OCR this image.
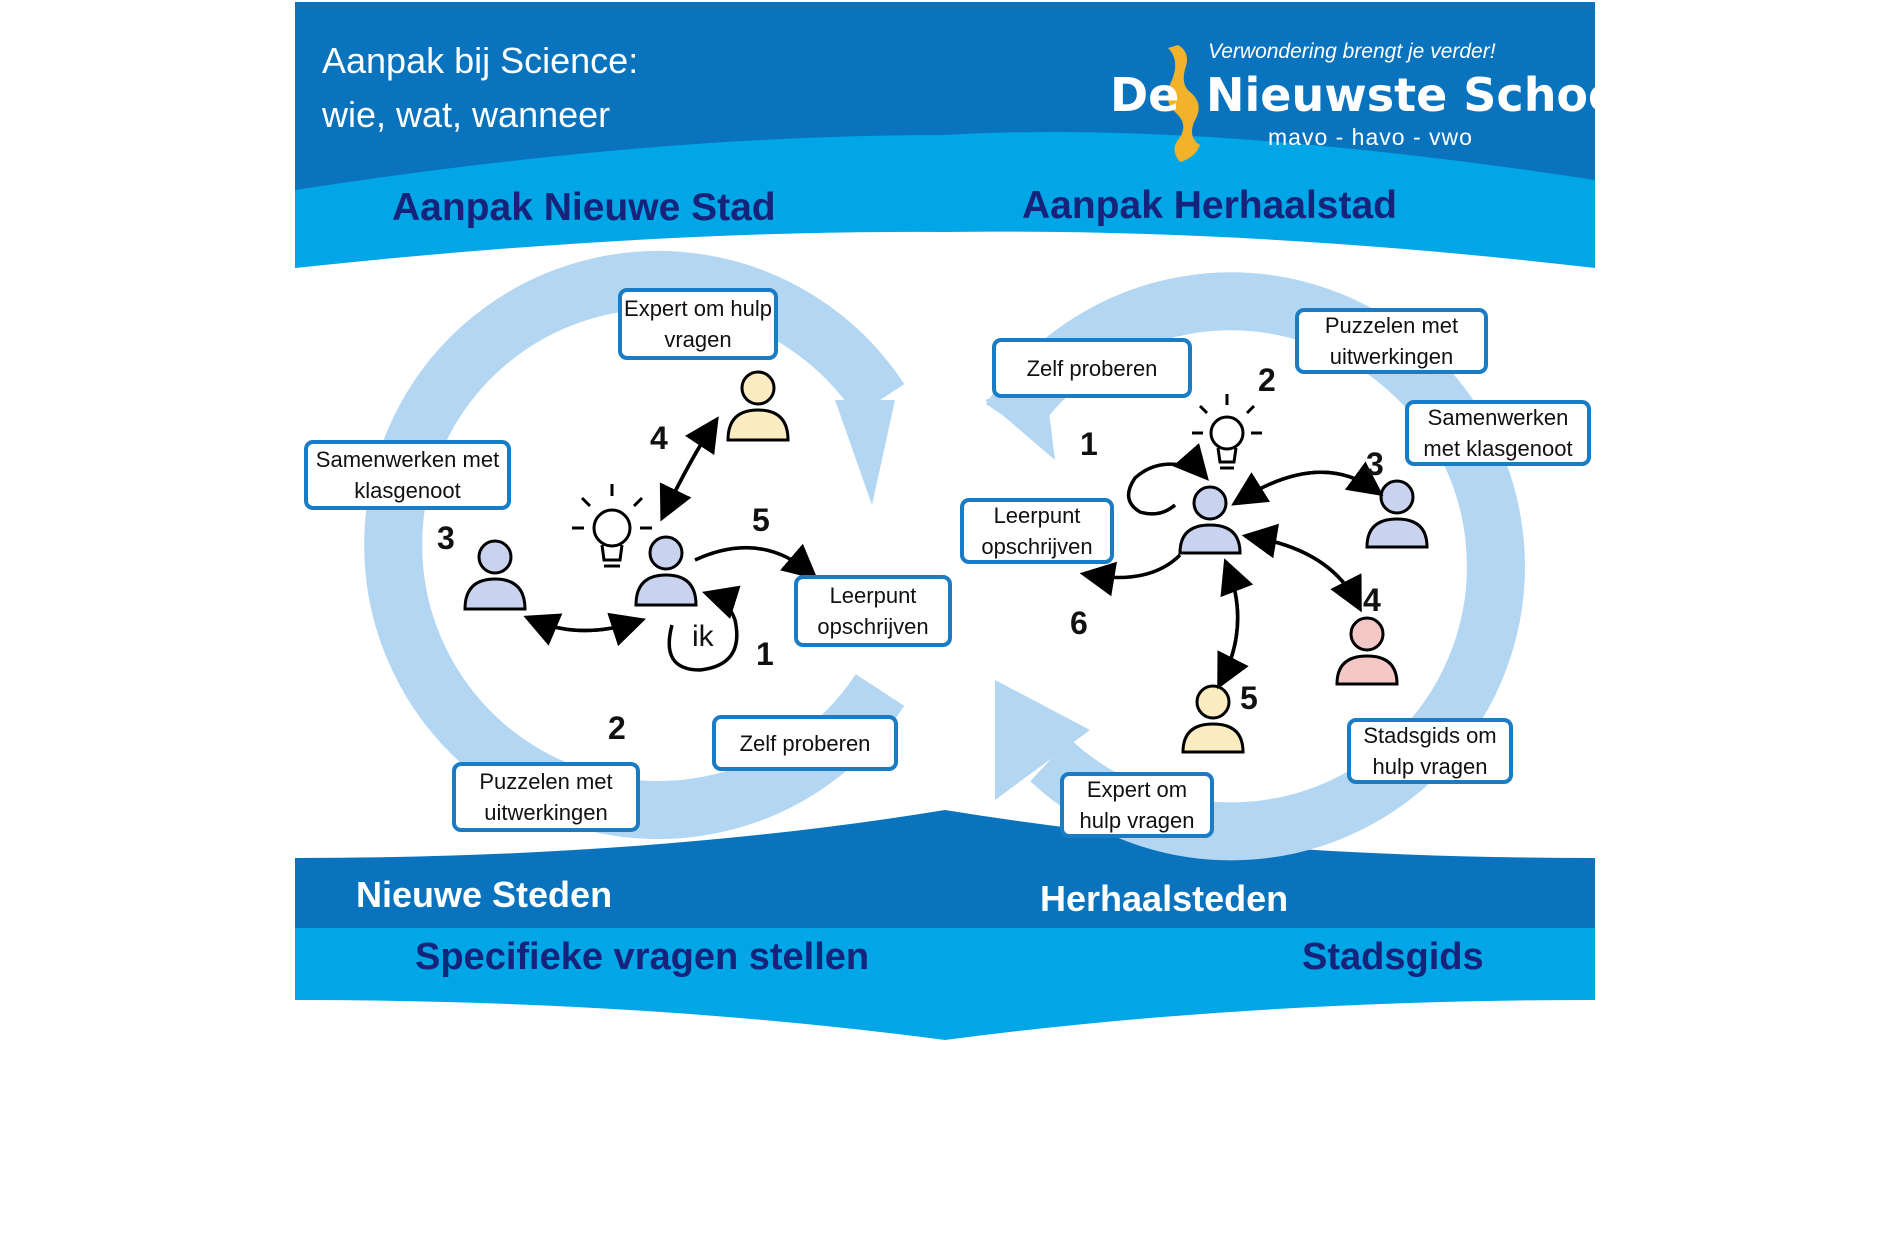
Aanpak bij Science:
wie, wat, wanneer
Verwondering brengt je verder!
De Nieuwste School
mavo - havo - vwo
Aanpak Nieuwe Stad	Aanpak Herhaalstad
Expert om hulp vragen
Samenwerken met klasgenoot
Leerpunt opschrijven
Zelf proberen
Puzzelen met uitwerkingen
ik 1
2
3
4
5
Zelf proberen
Puzzelen met uitwerkingen
Samenwerken met klasgenoot
Leerpunt opschrijven
Stadsgids om hulp vragen
Expert om hulp vragen
1
2
3
4
5
6
Nieuwe Steden	Herhaalsteden
Specifieke vragen stellen	Stadsgids
